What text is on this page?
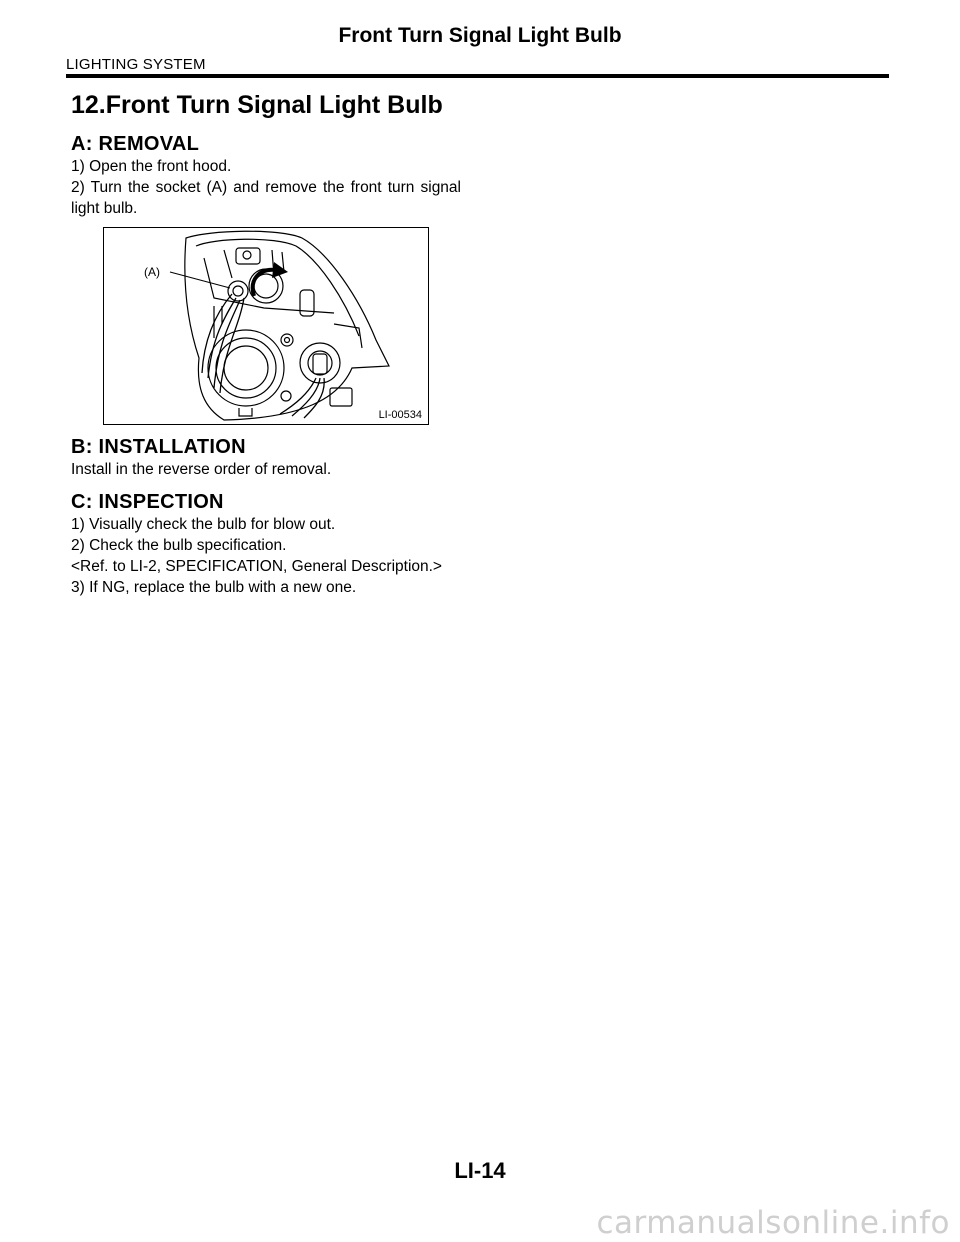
Front Turn Signal Light Bulb
LIGHTING SYSTEM
12.Front Turn Signal Light Bulb
A: REMOVAL

1) Open the front hood.

2) Turn the socket (A) and remove the front turn signal light bulb.

(A)
LI-00534
B: INSTALLATION

Install in the reverse order of removal.

C: INSPECTION

1) Visually check the bulb for blow out.

2) Check the bulb specification.

<Ref. to LI-2, SPECIFICATION, General Description.>

3) If NG, replace the bulb with a new one.

LI-14
carmanualsonline.info
